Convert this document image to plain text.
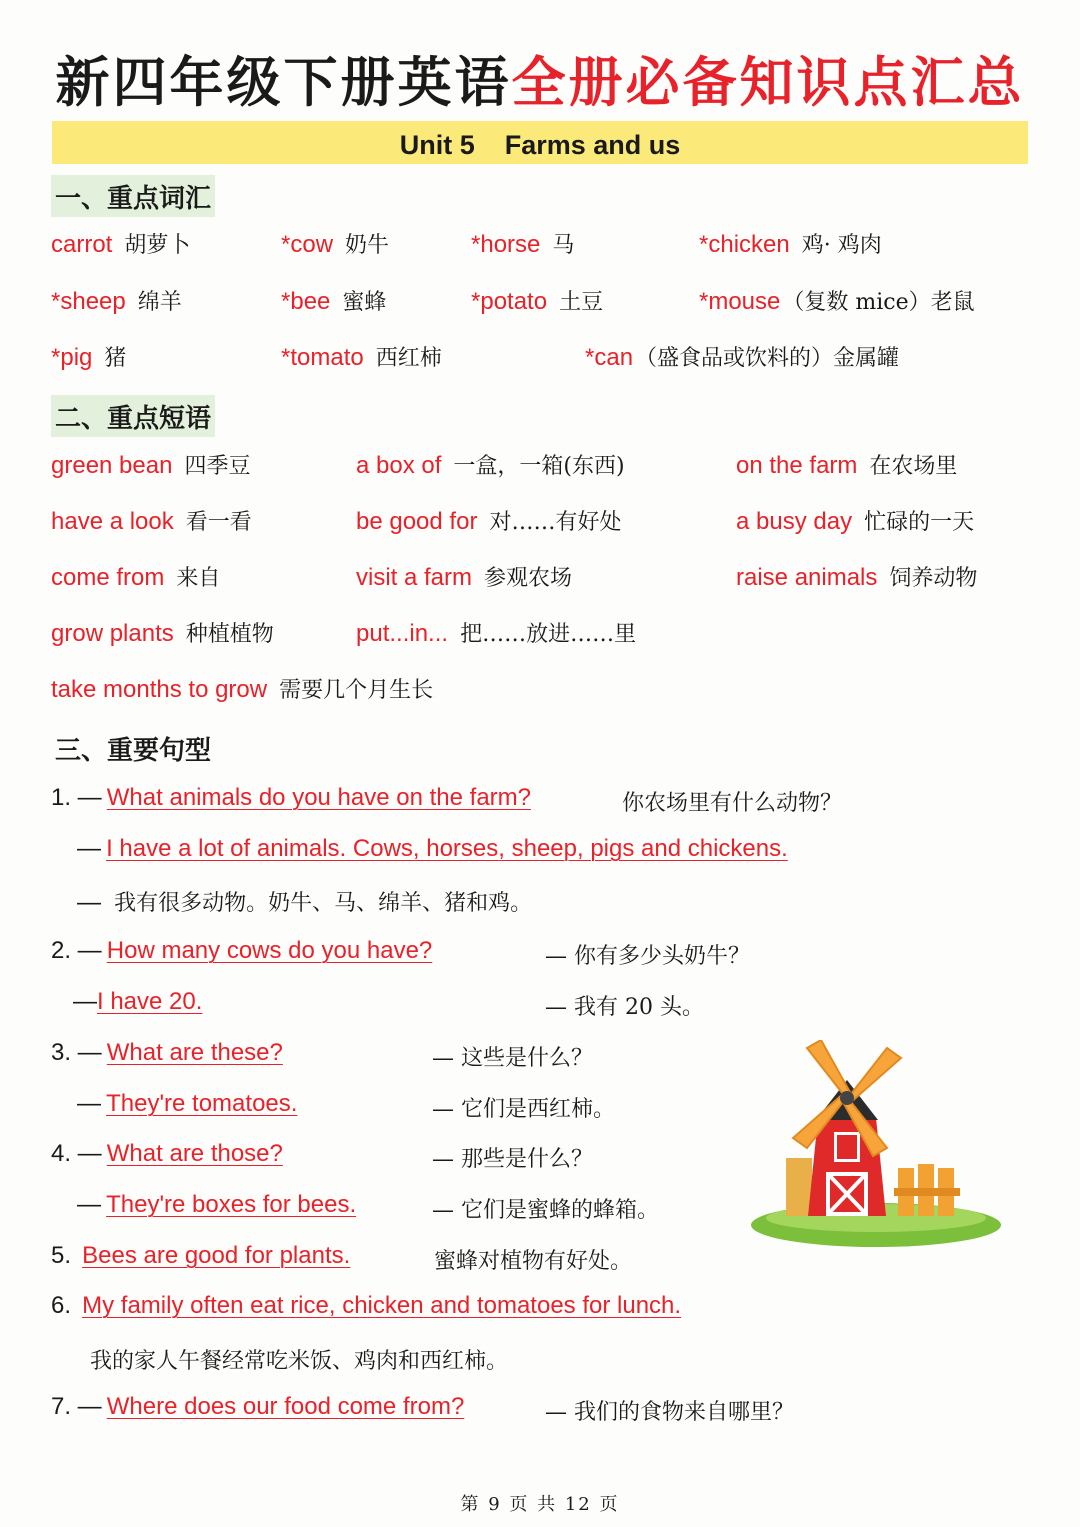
新四年级下册英语全册必备知识点汇总
Unit 5 Farms and us
一、重点词汇
carrot 胡萝卜	*cow 奶牛	*horse 马	*chicken 鸡· 鸡肉
*sheep 绵羊	*bee 蜜蜂	*potato 土豆	*mouse（复数 mice）老鼠
*pig 猪	*tomato 西红柿	*can（盛食品或饮料的）金属罐
二、重点短语
green bean 四季豆	a box of 一盒，一箱(东西)	on the farm 在农场里
have a look 看一看	be good for 对……有好处	a busy day 忙碌的一天
come from 来自	visit a farm 参观农场	raise animals 饲养动物
grow plants 种植植物	put...in... 把……放进……里
take months to grow 需要几个月生长
三、重要句型
1. — What animals do you have on the farm?	你农场里有什么动物？
— I have a lot of animals. Cows, horses, sheep, pigs and chickens.
— 我有很多动物。奶牛、马、绵羊、猪和鸡。
2. — How many cows do you have?	— 你有多少头奶牛？
—I have 20.	— 我有 20 头。
3. — What are these?	— 这些是什么？
— They're tomatoes.	— 它们是西红柿。
4. — What are those?	— 那些是什么？
— They're boxes for bees.	— 它们是蜜蜂的蜂箱。
5. Bees are good for plants.	蜜蜂对植物有好处。
6. My family often eat rice, chicken and tomatoes for lunch.
我的家人午餐经常吃米饭、鸡肉和西红柿。
7. — Where does our food come from?	— 我们的食物来自哪里？
第 9 页 共 12 页
